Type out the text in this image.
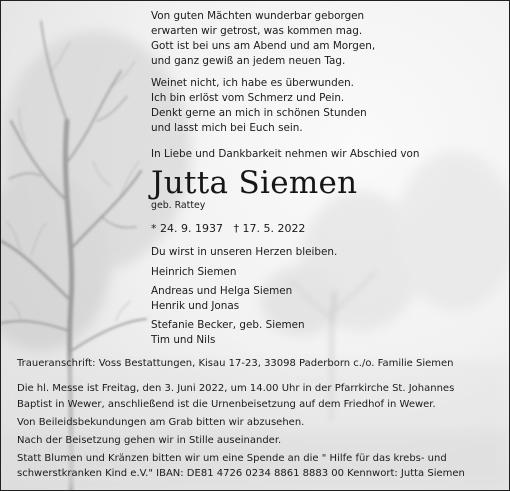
Von guten Mächten wunderbar geborgen
erwarten wir getrost, was kommen mag.
Gott ist bei uns am Abend und am Morgen,
und ganz gewiß an jedem neuen Tag.
Weinet nicht, ich habe es überwunden.
Ich bin erlöst vom Schmerz und Pein.
Denkt gerne an mich in schönen Stunden
und lasst mich bei Euch sein.
In Liebe und Dankbarkeit nehmen wir Abschied von
Jutta Siemen
geb. Rattey
* 24. 9. 1937   † 17. 5. 2022
Du wirst in unseren Herzen bleiben.
Heinrich Siemen
Andreas und Helga Siemen
Henrik und Jonas
Stefanie Becker, geb. Siemen
Tim und Nils
Traueranschrift: Voss Bestattungen, Kisau 17-23, 33098 Paderborn c./o. Familie Siemen
Die hl. Messe ist Freitag, den 3. Juni 2022, um 14.00 Uhr in der Pfarrkirche St. Johannes
Baptist in Wewer, anschließend ist die Urnenbeisetzung auf dem Friedhof in Wewer.
Von Beileidsbekundungen am Grab bitten wir abzusehen.
Nach der Beisetzung gehen wir in Stille auseinander.
Statt Blumen und Kränzen bitten wir um eine Spende an die " Hilfe für das krebs- und
schwerstkranken Kind e.V." IBAN: DE81 4726 0234 8861 8883 00 Kennwort: Jutta Siemen
